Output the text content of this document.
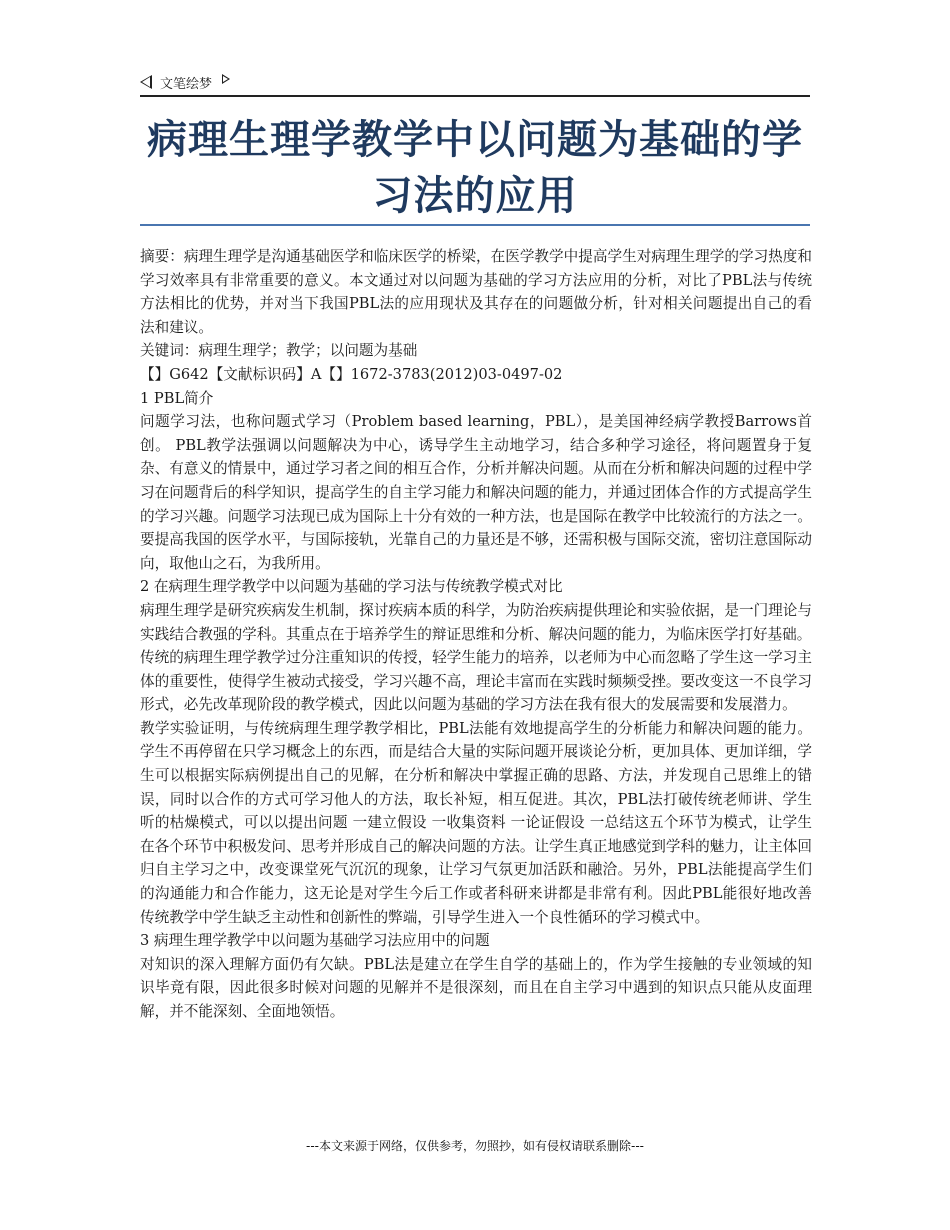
文笔绘梦
病理生理学教学中以问题为基础的学习法的应用

摘要：病理生理学是沟通基础医学和临床医学的桥梁，在医学教学中提高学生对病理生理学的学习热度和学习效率具有非常重要的意义。本文通过对以问题为基础的学习方法应用的分析，对比了PBL法与传统方法相比的优势，并对当下我国PBL法的应用现状及其存在的问题做分析，针对相关问题提出自己的看法和建议。

关键词：病理生理学；教学；以问题为基础

【】G642【文献标识码】A【】1672-3783(2012)03-0497-02

1 PBL简介

问题学习法，也称问题式学习（Problem based learning，PBL），是美国神经病学教授Barrows首创。 PBL教学法强调以问题解决为中心，诱导学生主动地学习，结合多种学习途径，将问题置身于复杂、有意义的情景中，通过学习者之间的相互合作，分析并解决问题。从而在分析和解决问题的过程中学习在问题背后的科学知识，提高学生的自主学习能力和解决问题的能力，并通过团体合作的方式提高学生的学习兴趣。问题学习法现已成为国际上十分有效的一种方法，也是国际在教学中比较流行的方法之一。要提高我国的医学水平，与国际接轨，光靠自己的力量还是不够，还需积极与国际交流，密切注意国际动向，取他山之石，为我所用。

2 在病理生理学教学中以问题为基础的学习法与传统教学模式对比

病理生理学是研究疾病发生机制，探讨疾病本质的科学，为防治疾病提供理论和实验依据，是一门理论与实践结合教强的学科。其重点在于培养学生的辩证思维和分析、解决问题的能力，为临床医学打好基础。

传统的病理生理学教学过分注重知识的传授，轻学生能力的培养，以老师为中心而忽略了学生这一学习主体的重要性，使得学生被动式接受，学习兴趣不高，理论丰富而在实践时频频受挫。要改变这一不良学习形式，必先改革现阶段的教学模式，因此以问题为基础的学习方法在我有很大的发展需要和发展潜力。

教学实验证明，与传统病理生理学教学相比，PBL法能有效地提高学生的分析能力和解决问题的能力。学生不再停留在只学习概念上的东西，而是结合大量的实际问题开展谈论分析，更加具体、更加详细，学生可以根据实际病例提出自己的见解，在分析和解决中掌握正确的思路、方法，并发现自己思维上的错误，同时以合作的方式可学习他人的方法，取长补短，相互促进。其次，PBL法打破传统老师讲、学生听的枯燥模式，可以以提出问题 一建立假设 一收集资料 一论证假设 一总结这五个环节为模式，让学生在各个环节中积极发问、思考并形成自己的解决问题的方法。让学生真正地感觉到学科的魅力，让主体回归自主学习之中，改变课堂死气沉沉的现象，让学习气氛更加活跃和融洽。另外，PBL法能提高学生们的沟通能力和合作能力，这无论是对学生今后工作或者科研来讲都是非常有利。因此PBL能很好地改善传统教学中学生缺乏主动性和创新性的弊端，引导学生进入一个良性循环的学习模式中。

3 病理生理学教学中以问题为基础学习法应用中的问题

对知识的深入理解方面仍有欠缺。PBL法是建立在学生自学的基础上的，作为学生接触的专业领域的知识毕竟有限，因此很多时候对问题的见解并不是很深刻，而且在自主学习中遇到的知识点只能从皮面理解，并不能深刻、全面地领悟。

---本文来源于网络，仅供参考，勿照抄，如有侵权请联系删除---
